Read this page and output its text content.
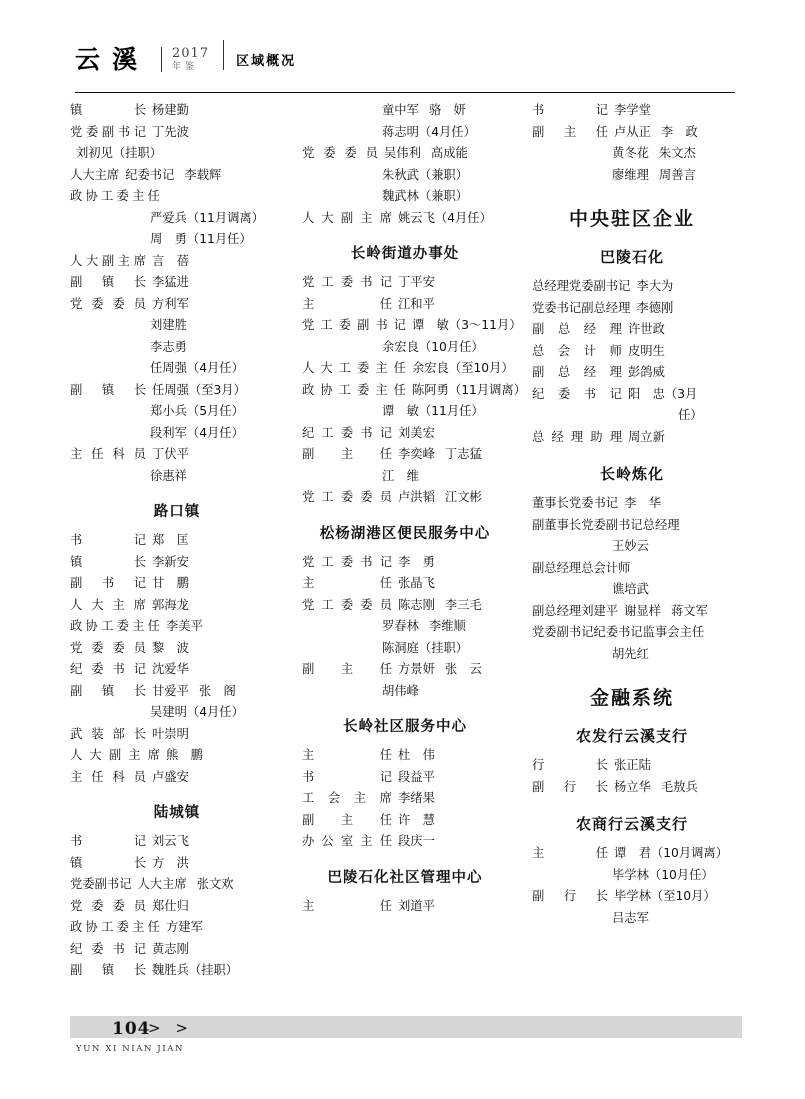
云溪	2017
年鉴	区域概况
镇	长 杨建勤
党 委 副 书 记 丁先波
刘初见（挂职）
人大主席 纪委书记 李载辉
政 协 工 委 主 任
严爱兵（11月调离）
周　勇（11月任）
人 大 副 主 席 言　蓓
副 镇 长 李猛进
党 委 委 员 方利军
刘建胜
李志勇
任周强（4月任）
副 镇 长 任周强（至3月）
郑小兵（5月任）
段利军（4月任）
主 任 科 员 丁伏平
徐惠祥
路口镇
书	记 郑　匡
镇	长 李新安
副 书 记 甘　鹏
人 大 主 席 郭海龙
政 协 工 委 主 任 李美平
党 委 委 员 黎　波
纪 委 书 记 沈爱华
副 镇 长 甘爱平 张　阁
吴建明（4月任）
武 装 部 长 叶崇明
人 大 副 主 席 熊　鹏
主 任 科 员 卢盛安
陆城镇
书	记 刘云飞
镇	长 方　洪
党委副书记 人大主席 张文欢
党 委 委 员 郑仕归
政 协 工 委 主 任 方建军
纪 委 书 记 黄志刚
副 镇 长 魏胜兵（挂职）
童中军 骆　妍
蒋志明（4月任）
党 委 委 员 吴伟利 高成能
朱秋武（兼职）
魏武林（兼职）
人 大 副 主 席 姚云飞（4月任）
长岭街道办事处
党 工 委 书 记 丁平安
主	任 江和平
党 工 委 副 书 记 谭　敏（3～11月）
余宏良（10月任）
人 大 工 委 主 任 余宏良（至10月）
政 协 工 委 主 任 陈阿勇（11月调离）
谭　敏（11月任）
纪 工 委 书 记 刘美宏
副 主 任 李奕峰 丁志猛
江　维
党 工 委 委 员 卢洪韬 江文彬
松杨湖港区便民服务中心
党 工 委 书 记 李　勇
主	任 张晶飞
党 工 委 委 员 陈志刚 李三毛
罗春林 李维顺
陈洞庭（挂职）
副 主 任 方景妍 张　云
胡伟峰
长岭社区服务中心
主	任 杜　伟
书	记 段益平
工 会 主 席 李绪果
副 主 任 许　慧
办 公 室 主 任 段庆一
巴陵石化社区管理中心
主	任 刘道平
书	记 李学堂
副 主 任 卢从正 李　政
黄冬花 朱文杰
廖维理 周善言
中央驻区企业
巴陵石化
总经理党委副书记 李大为
党委书记副总经理 李德刚
副 总 经 理 许世政
总 会 计 师 皮明生
副 总 经 理 彭鸽威
纪 委 书 记 阳　忠（3月
任）
总 经 理 助 理 周立新
长岭炼化
董事长党委书记 李　华
副董事长党委副书记总经理
王妙云
副总经理总会计师
谯培武
副总经理刘建平 谢显样 蒋文军
党委副书记纪委书记监事会主任
胡先红
金融系统
农发行云溪支行
行	长 张正陆
副 行 长 杨立华 毛敖兵
农商行云溪支行
主	任 谭　君（10月调离）
毕学林（10月任）
副 行 长 毕学林（至10月）
吕志军
104
> >
YUN XI NIAN JIAN
